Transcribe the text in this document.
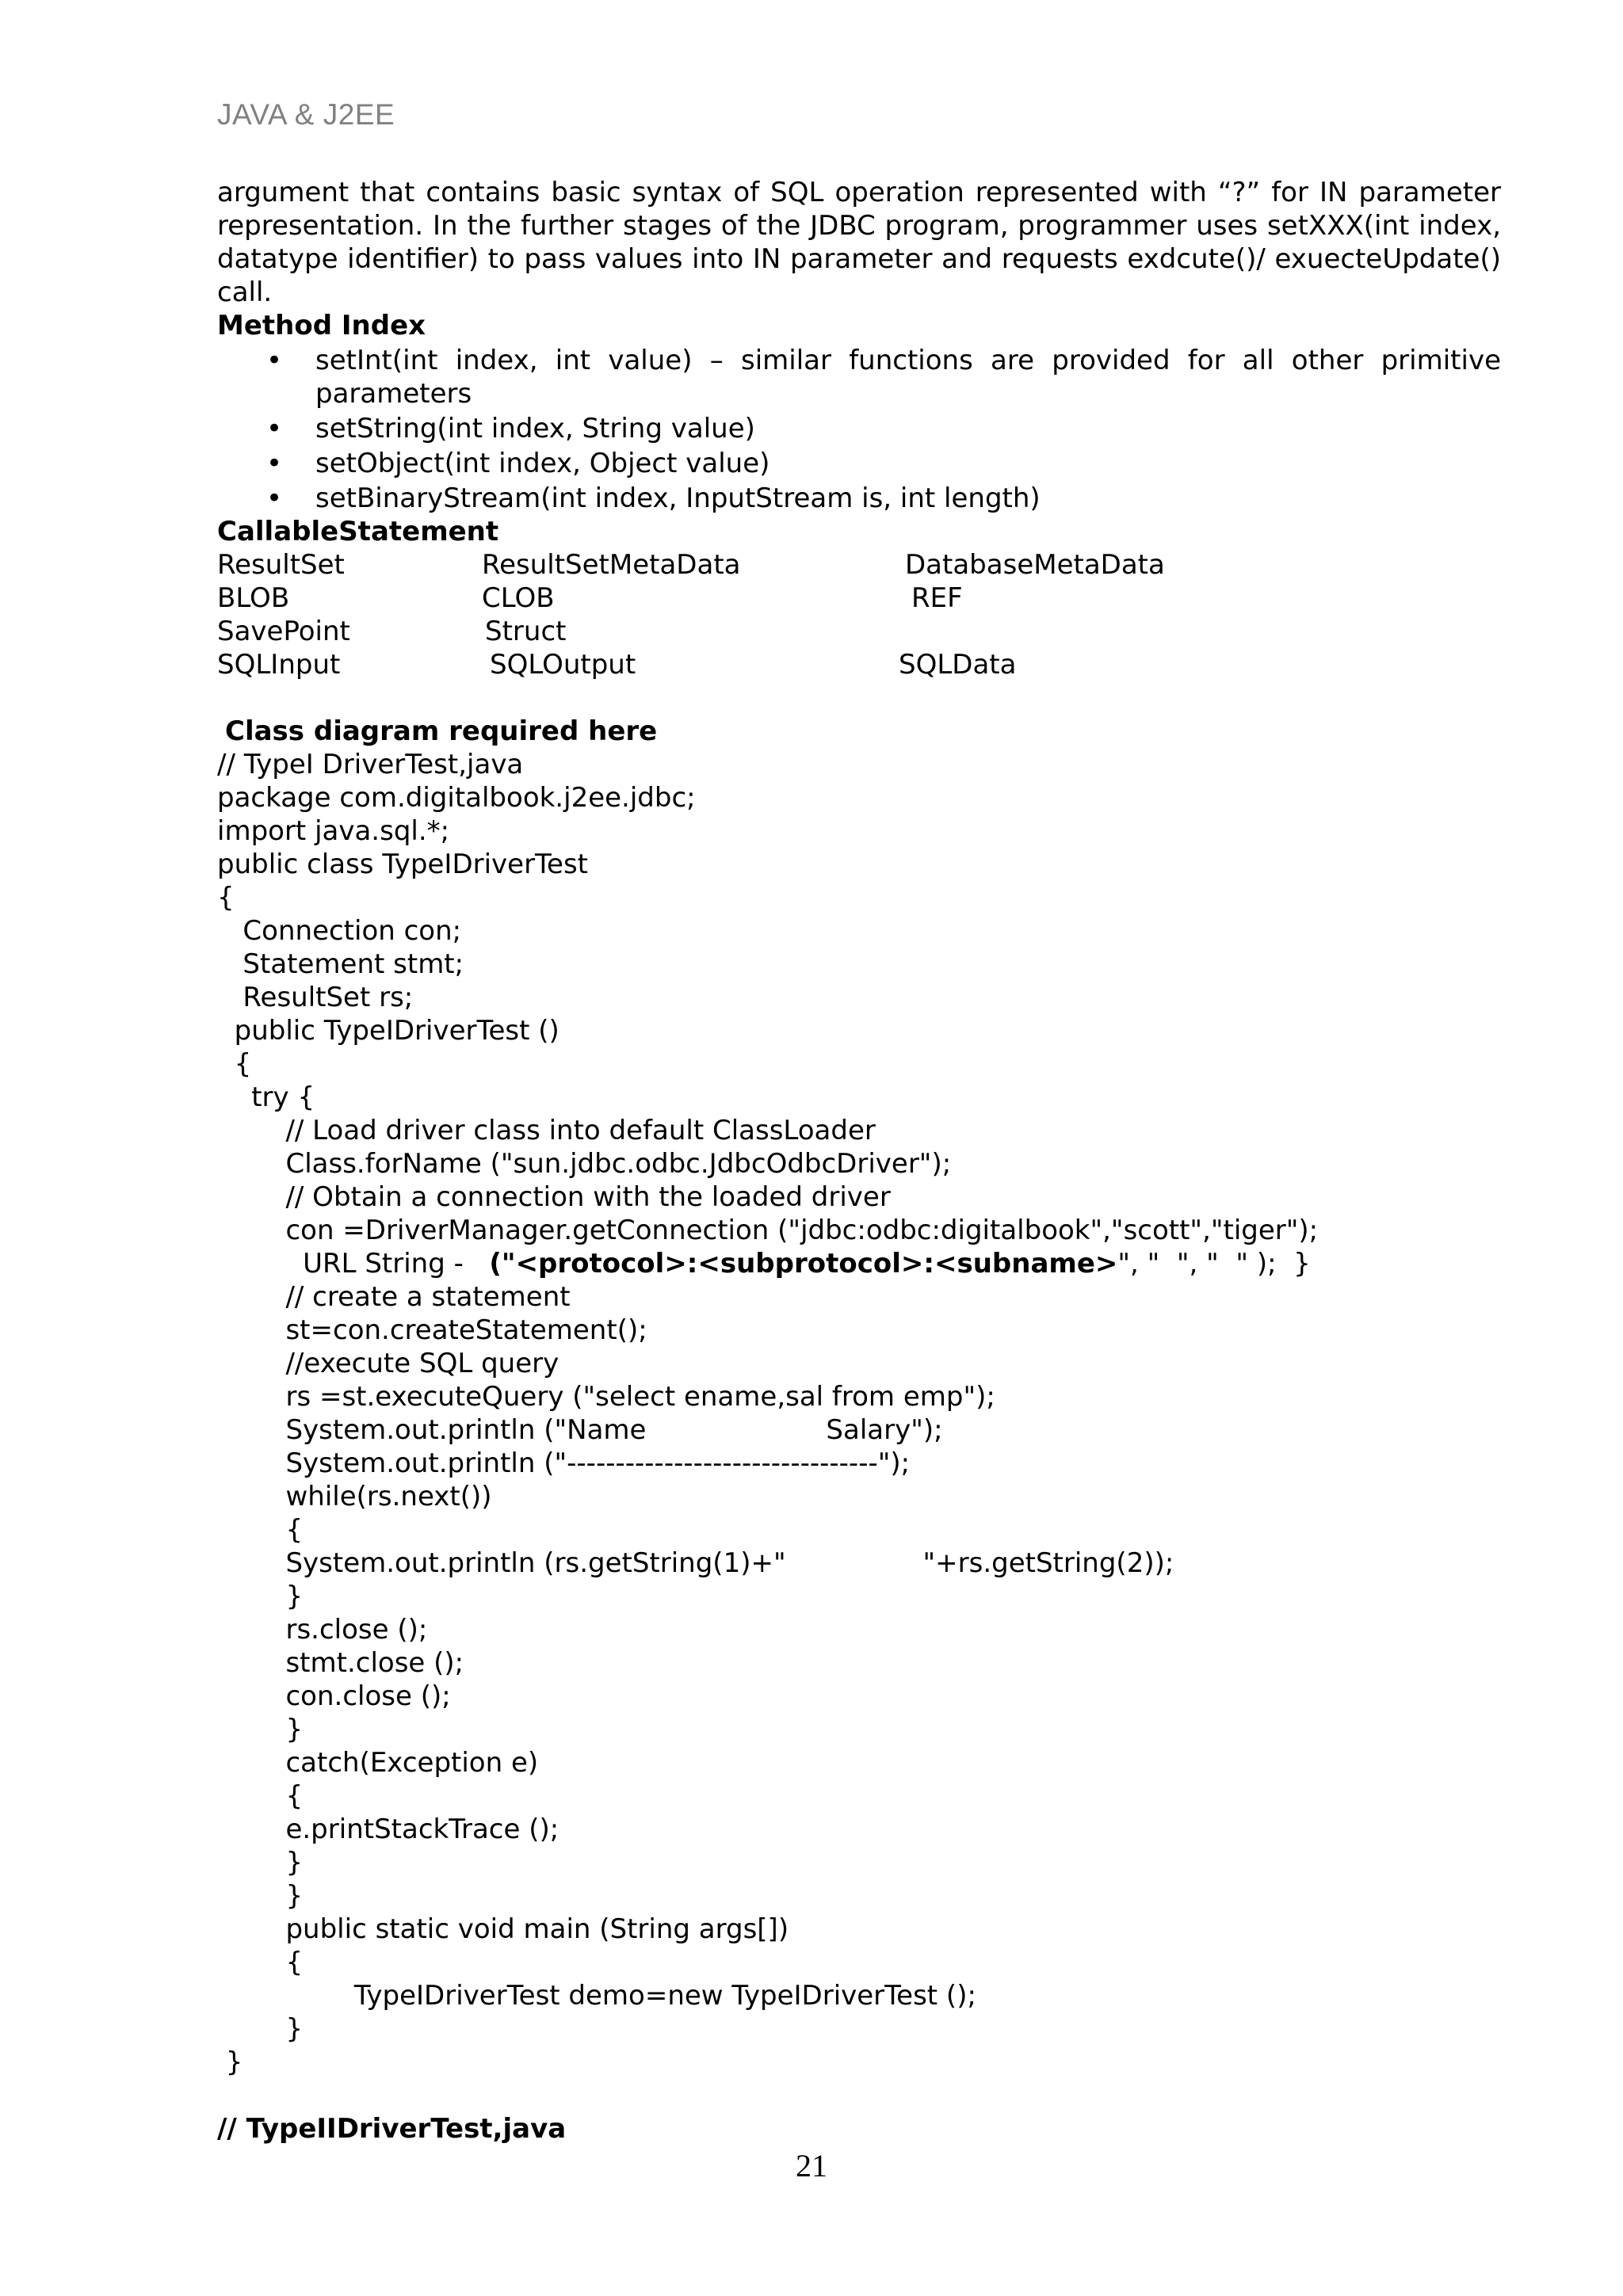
JAVA & J2EE

argument that contains basic syntax of SQL operation represented with “?” for IN parameter representation. In the further stages of the JDBC program, programmer uses setXXX(int index, datatype identifier) to pass values into IN parameter and requests exdcute()/ exuecteUpdate() call.

Method Index
• setInt(int index, int value) – similar functions are provided for all other primitive parameters
• setString(int index, String value)
• setObject(int index, Object value)
• setBinaryStream(int index, InputStream is, int length)
CallableStatement
ResultSet	ResultSetMetaData	DatabaseMetaData
BLOB	CLOB	REF
SavePoint	Struct
SQLInput	SQLOutput	SQLData
Class diagram required here
// TypeI DriverTest,java
package com.digitalbook.j2ee.jdbc;
import java.sql.*;
public class TypeIDriverTest
{
Connection con;
Statement stmt;
ResultSet rs;
public TypeIDriverTest ()
{
try {
// Load driver class into default ClassLoader
Class.forName ("sun.jdbc.odbc.JdbcOdbcDriver");
// Obtain a connection with the loaded driver
con =DriverManager.getConnection ("jdbc:odbc:digitalbook","scott","tiger");
URL String -   ("<protocol>:<subprotocol>:<subname>", "  ", "  " );  }
// create a statement
st=con.createStatement();
//execute SQL query
rs =st.executeQuery ("select ename,sal from emp");
System.out.println ("Name                     Salary");
System.out.println ("--------------------------------");
while(rs.next())
{
System.out.println (rs.getString(1)+"                "+rs.getString(2));
}
rs.close ();
stmt.close ();
con.close ();
}
catch(Exception e)
{
e.printStackTrace ();
}
}
public static void main (String args[])
{
TypeIDriverTest demo=new TypeIDriverTest ();
}
}
// TypeIIDriverTest,java
21
